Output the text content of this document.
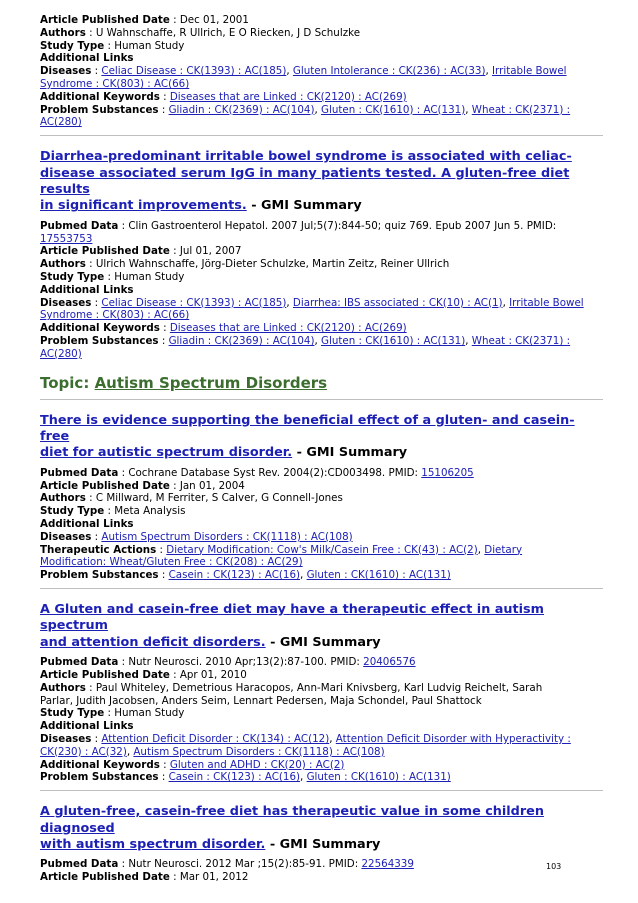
Article Published Date : Dec 01, 2001
Authors : U Wahnschaffe, R Ullrich, E O Riecken, J D Schulzke
Study Type : Human Study
Additional Links
Diseases : Celiac Disease : CK(1393) : AC(185), Gluten Intolerance : CK(236) : AC(33), Irritable Bowel
Syndrome : CK(803) : AC(66)
Additional Keywords : Diseases that are Linked : CK(2120) : AC(269)
Problem Substances : Gliadin : CK(2369) : AC(104), Gluten : CK(1610) : AC(131), Wheat : CK(2371) :
AC(280)
Diarrhea-predominant irritable bowel syndrome is associated with celiac-
disease associated serum IgG in many patients tested. A gluten-free diet results
in significant improvements. - GMI Summary
Pubmed Data : Clin Gastroenterol Hepatol. 2007 Jul;5(7):844-50; quiz 769. Epub 2007 Jun 5. PMID:
17553753
Article Published Date : Jul 01, 2007
Authors : Ulrich Wahnschaffe, Jörg-Dieter Schulzke, Martin Zeitz, Reiner Ullrich
Study Type : Human Study
Additional Links
Diseases : Celiac Disease : CK(1393) : AC(185), Diarrhea: IBS associated : CK(10) : AC(1), Irritable Bowel
Syndrome : CK(803) : AC(66)
Additional Keywords : Diseases that are Linked : CK(2120) : AC(269)
Problem Substances : Gliadin : CK(2369) : AC(104), Gluten : CK(1610) : AC(131), Wheat : CK(2371) :
AC(280)
Topic: Autism Spectrum Disorders
There is evidence supporting the beneficial effect of a gluten- and casein-free
diet for autistic spectrum disorder. - GMI Summary
Pubmed Data : Cochrane Database Syst Rev. 2004(2):CD003498. PMID: 15106205
Article Published Date : Jan 01, 2004
Authors : C Millward, M Ferriter, S Calver, G Connell-Jones
Study Type : Meta Analysis
Additional Links
Diseases : Autism Spectrum Disorders : CK(1118) : AC(108)
Therapeutic Actions : Dietary Modification: Cow's Milk/Casein Free : CK(43) : AC(2), Dietary
Modification: Wheat/Gluten Free : CK(208) : AC(29)
Problem Substances : Casein : CK(123) : AC(16), Gluten : CK(1610) : AC(131)
A Gluten and casein-free diet may have a therapeutic effect in autism spectrum
and attention deficit disorders. - GMI Summary
Pubmed Data : Nutr Neurosci. 2010 Apr;13(2):87-100. PMID: 20406576
Article Published Date : Apr 01, 2010
Authors : Paul Whiteley, Demetrious Haracopos, Ann-Mari Knivsberg, Karl Ludvig Reichelt, Sarah
Parlar, Judith Jacobsen, Anders Seim, Lennart Pedersen, Maja Schondel, Paul Shattock
Study Type : Human Study
Additional Links
Diseases : Attention Deficit Disorder : CK(134) : AC(12), Attention Deficit Disorder with Hyperactivity :
CK(230) : AC(32), Autism Spectrum Disorders : CK(1118) : AC(108)
Additional Keywords : Gluten and ADHD : CK(20) : AC(2)
Problem Substances : Casein : CK(123) : AC(16), Gluten : CK(1610) : AC(131)
A gluten-free, casein-free diet has therapeutic value in some children diagnosed
with autism spectrum disorder. - GMI Summary
Pubmed Data : Nutr Neurosci. 2012 Mar ;15(2):85-91. PMID: 22564339
Article Published Date : Mar 01, 2012
103
